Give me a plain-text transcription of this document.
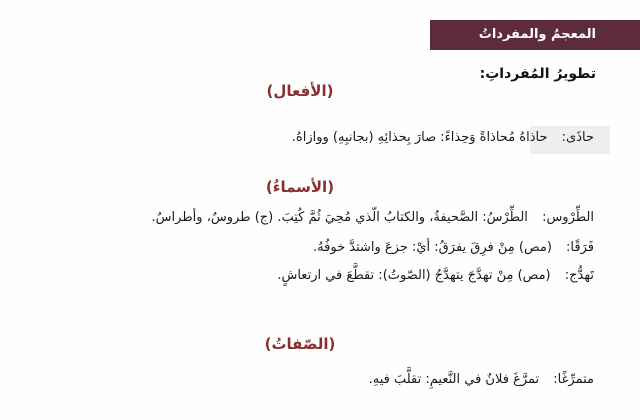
المعجمُ والمفرداتُ
تطويرُ المُفرداتِ:
(الأفعال)
حاذَى: حاذاهُ مُحاذاةً وَحِذاءً: صارَ بِحذائِهِ (بجانبِهِ) ووازاهُ.
(الأسماءُ)
الطِّرْوس: الطِّرْسُ: الصَّحيفةُ، والكتابُ الّذي مُحِيَ ثُمَّ كُتِبَ. (ج) طروسٌ، وأطراسٌ.
فَرَقًا: (مص) مِنْ فرِقَ يفرَقُ: أيْ: جزعَ واشتدَّ خوفُهُ.
تَهدُّج: (مص) مِنْ تهدَّجَ يتهدَّجُ (الصّوتُ): تقطَّعَ في ارتعاشٍ.
(الصّفاتُ)
متمرِّغًا: تمرَّغَ فلانٌ في النَّعيمِ: تقلَّبَ فيهِ.
